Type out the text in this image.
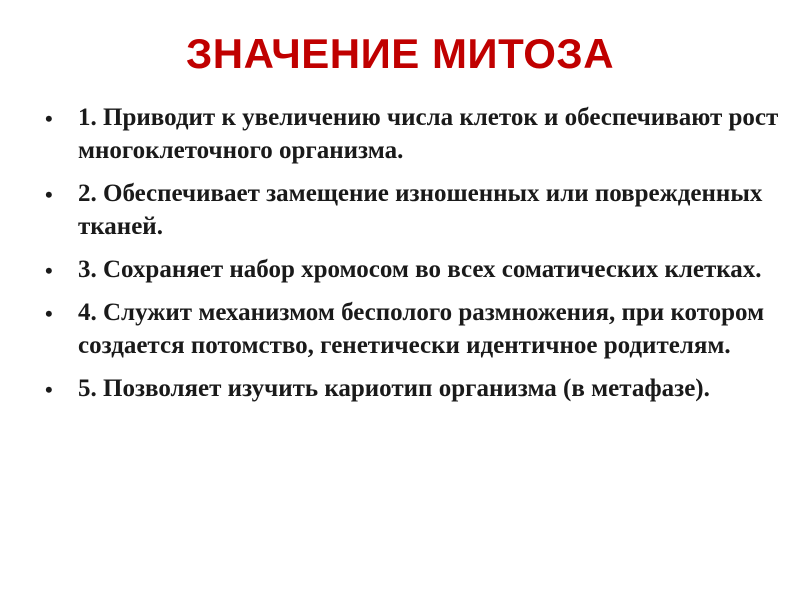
ЗНАЧЕНИЕ МИТОЗА
• 1. Приводит к увеличению числа клеток и обеспечивают рост многоклеточного организма.
• 2. Обеспечивает замещение изношенных или поврежденных тканей.
• 3. Сохраняет набор хромосом во всех соматических клетках.
• 4. Служит механизмом бесполого размножения, при котором создается потомство, генетически идентичное родителям.
• 5. Позволяет изучить кариотип организма (в метафазе).
